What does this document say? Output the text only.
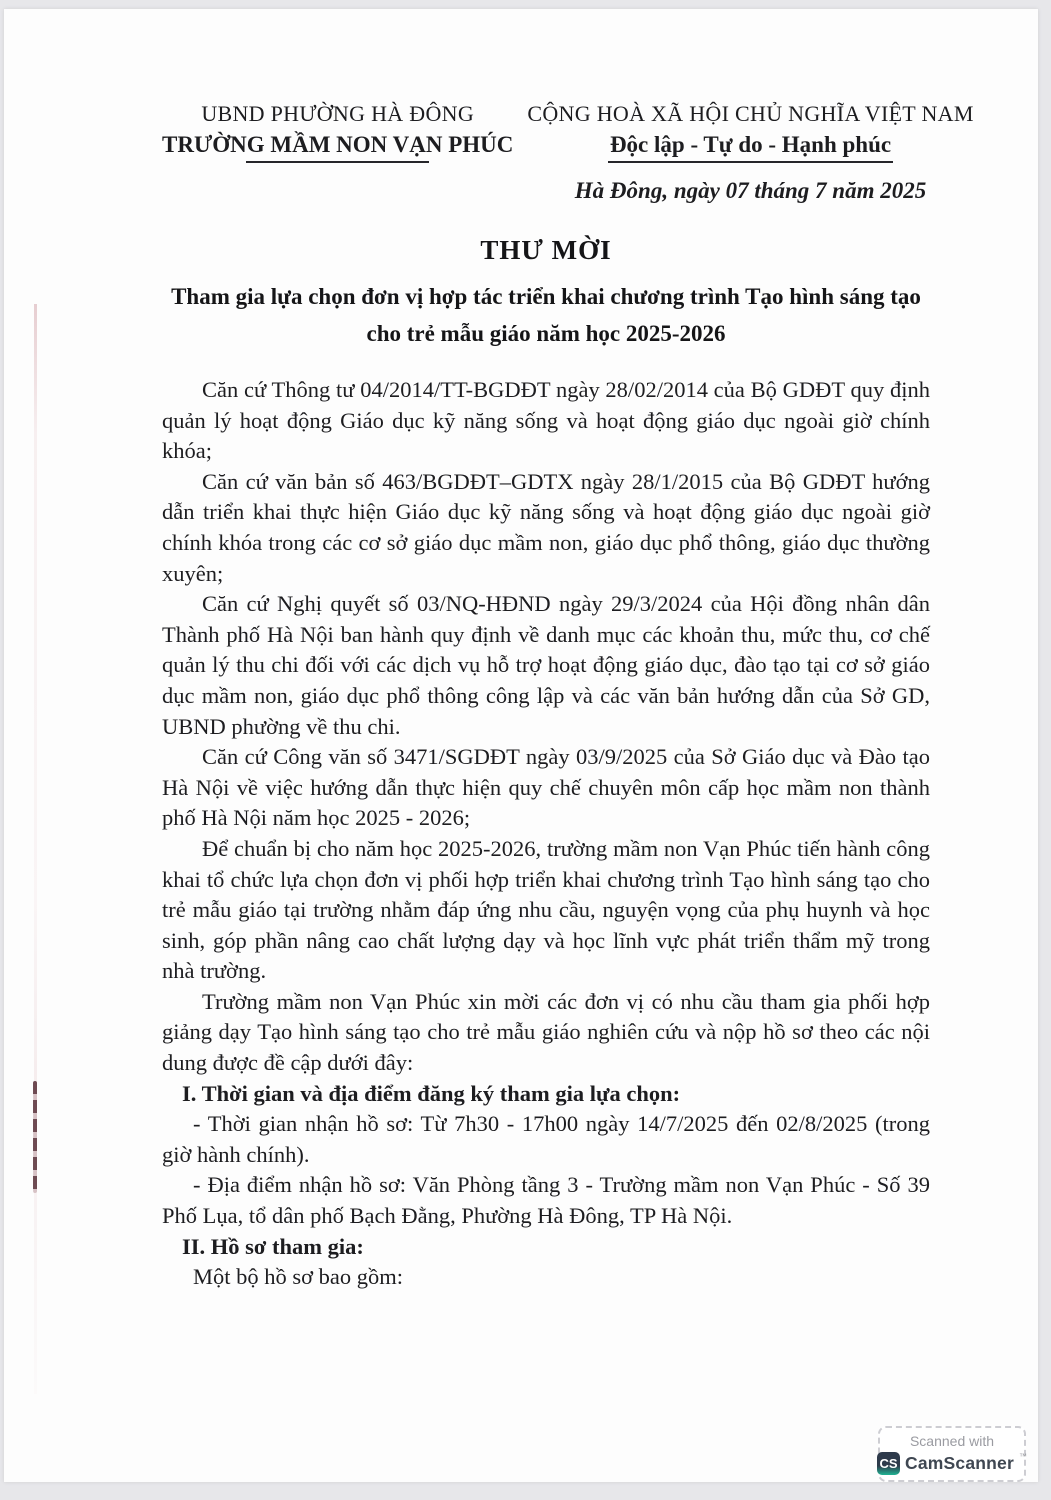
UBND PHƯỜNG HÀ ĐÔNG
TRƯỜNG MẦM NON VẠN PHÚC
CỘNG HOÀ XÃ HỘI CHỦ NGHĨA VIỆT NAM
Độc lập - Tự do - Hạnh phúc
Hà Đông, ngày 07 tháng 7 năm 2025
THƯ MỜI
Tham gia lựa chọn đơn vị hợp tác triển khai chương trình Tạo hình sáng tạo cho trẻ mẫu giáo năm học 2025-2026

Căn cứ Thông tư 04/2014/TT-BGDĐT ngày 28/02/2014 của Bộ GDĐT quy định quản lý hoạt động Giáo dục kỹ năng sống và hoạt động giáo dục ngoài giờ chính khóa;

Căn cứ văn bản số 463/BGDĐT–GDTX ngày 28/1/2015 của Bộ GDĐT hướng dẫn triển khai thực hiện Giáo dục kỹ năng sống và hoạt động giáo dục ngoài giờ chính khóa trong các cơ sở giáo dục mầm non, giáo dục phổ thông, giáo dục thường xuyên;

Căn cứ Nghị quyết số 03/NQ-HĐND ngày 29/3/2024 của Hội đồng nhân dân Thành phố Hà Nội ban hành quy định về danh mục các khoản thu, mức thu, cơ chế quản lý thu chi đối với các dịch vụ hỗ trợ hoạt động giáo dục, đào tạo tại cơ sở giáo dục mầm non, giáo dục phổ thông công lập và các văn bản hướng dẫn của Sở GD, UBND phường về thu chi.

Căn cứ Công văn số 3471/SGDĐT ngày 03/9/2025 của Sở Giáo dục và Đào tạo Hà Nội về việc hướng dẫn thực hiện quy chế chuyên môn cấp học mầm non thành phố Hà Nội năm học 2025 - 2026;

Để chuẩn bị cho năm học 2025-2026, trường mầm non Vạn Phúc tiến hành công khai tổ chức lựa chọn đơn vị phối hợp triển khai chương trình Tạo hình sáng tạo cho trẻ mẫu giáo tại trường nhằm đáp ứng nhu cầu, nguyện vọng của phụ huynh và học sinh, góp phần nâng cao chất lượng dạy và học lĩnh vực phát triển thẩm mỹ trong nhà trường.

Trường mầm non Vạn Phúc xin mời các đơn vị có nhu cầu tham gia phối hợp giảng dạy Tạo hình sáng tạo cho trẻ mẫu giáo nghiên cứu và nộp hồ sơ theo các nội dung được đề cập dưới đây:

I. Thời gian và địa điểm đăng ký tham gia lựa chọn:

- Thời gian nhận hồ sơ: Từ 7h30 - 17h00 ngày 14/7/2025 đến 02/8/2025 (trong giờ hành chính).

- Địa điểm nhận hồ sơ: Văn Phòng tầng 3 - Trường mầm non Vạn Phúc - Số 39 Phố Lụa, tổ dân phố Bạch Đằng, Phường Hà Đông, TP Hà Nội.

II. Hồ sơ tham gia:

Một bộ hồ sơ bao gồm:

Scanned with
CS CamScanner ™
